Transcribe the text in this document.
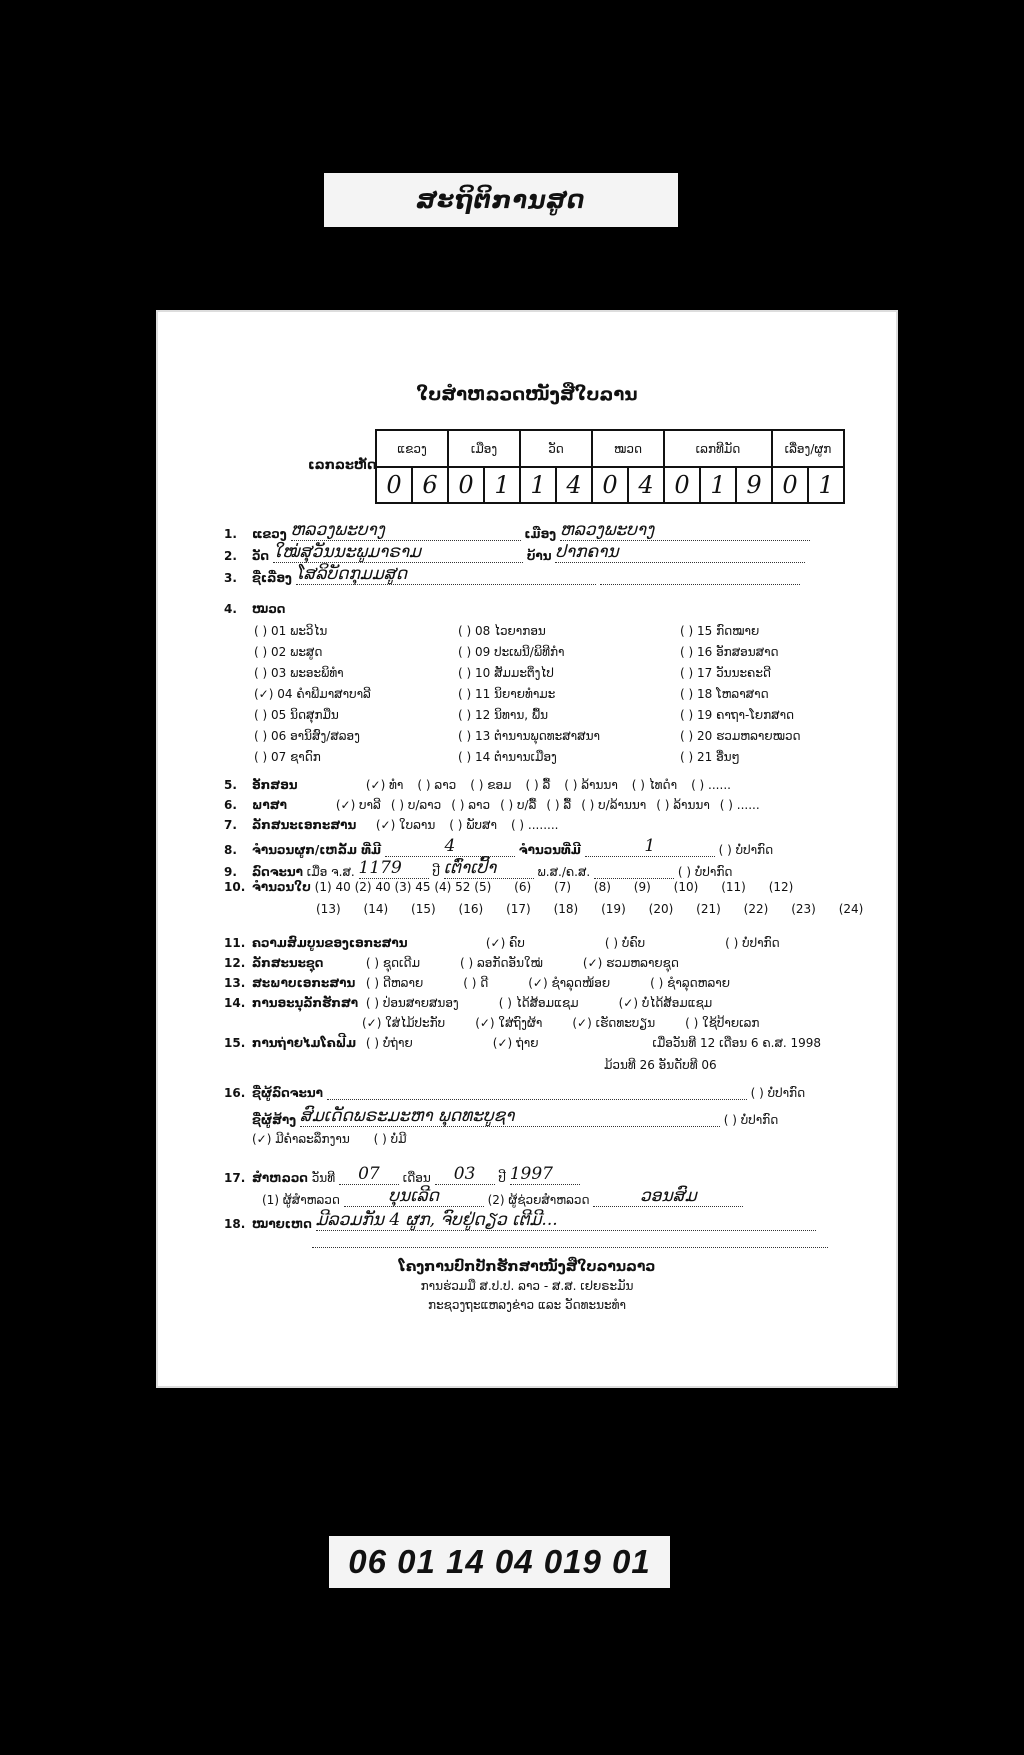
ສະຖິຕິການສູດ
ໃບສຳຫລວດໜັງສືໃບລານ
ເລກລະຫັດ
ແຂວງ		ເມືອງ		ວັດ		ໝວດ		ເລກທີມັດ			ເລື່ອງ/ຜູກ	
0	6	0	1	1	4	0	4	0	1	9	0	1
1. ແຂວງ ຫລວງພະບາງ	ເມືອງ ຫລວງພະບາງ
2. ວັດ ໃໝ່ສຸວັນນະພູມາຣາມ	ບ້ານ ປາກຄານ
3. ຊື່ເລື່ອງ ໂສລິບັດກຸມມສູດ
4. ໝວດ
( ) 01 ພະວິໄນ	( ) 08 ໄວຍາກອນ	( ) 15 ກົດໝາຍ
( ) 02 ພະສູດ	( ) 09 ປະເພນີ/ພິທີກຳ	( ) 16 ອັກສອນສາດ
( ) 03 ພະອະພິທຳ	( ) 10 ສັມມະຕິ່ງໄປ	( ) 17 ວັນນະຄະດີ
(✓) 04 ຄຳພີມາສາບາລີ	( ) 11 ນິຍາຍທຳມະ	( ) 18 ໂຫລາສາດ
( ) 05 ນິດສຸກມືນ	( ) 12 ນິທານ, ພື້ນ	( ) 19 ຄາຖາ-ໂຍກສາດ
( ) 06 ອານິສົງ/ສລອງ	( ) 13 ຕຳນານພຸດທະສາສນາ	( ) 20 ຮວມຫລາຍໝວດ
( ) 07 ຊາດົກ	( ) 14 ຕຳນານເມືອງ	( ) 21 ອື່ນໆ
5. ອັກສອນ	(✓) ທຳ ( ) ລາວ ( ) ຂອມ ( ) ລື້ ( ) ລ້ານນາ ( ) ໄທດຳ ( ) ......
6. ພາສາ	(✓) ບາລີ ( ) ບ/ລາວ ( ) ລາວ ( ) ບ/ລື້ ( ) ລື້ ( ) ບ/ລ້ານນາ ( ) ລ້ານນາ ( ) ......
7. ລັກສນະເອກະສານ (✓) ໃບລານ ( ) ພັບສາ ( ) ........
8. ຈຳນວນຜູກ/ເຫລັ້ມ ທີ່ມີ	4	ຈຳນວນທີ່ມີ	1	( ) ບໍ່ປາກົດ
9. ລົດຈະນາ ເມື່ອ ຈ.ສ. 1179	ປີ ເຕົ່າເປົ້າ	ພ.ສ./ຄ.ສ.	( ) ບໍ່ປາກົດ
10. ຈຳນວນໃບ (1) 40 (2) 40 (3) 45 (4) 52 (5)      (6)      (7)      (8)      (9)      (10)      (11)      (12)
(13)      (14)      (15)      (16)      (17)      (18)      (19)      (20)      (21)      (22)      (23)      (24)
11. ຄວາມສົມບູນຂອງເອກະສານ	(✓) ຄົບ	( ) ບໍ່ຄົບ	( ) ບໍ່ປາກົດ
12. ລັກສະນະຊຸດ	( ) ຊຸດເດີມ	( ) ລອກັດອັນໃໝ່	(✓) ຮວມຫລາຍຊຸດ
13. ສະພາບເອກະສານ ( ) ດີຫລາຍ	( ) ດີ	(✓) ຊຳລຸດໜ້ອຍ	( ) ຊຳລຸດຫລາຍ
14. ການອະນຸລັກຮັກສາ ( ) ປ່ອນສາຍສນອງ	( ) ໄດ້ສ້ອມແຊມ	(✓) ບໍ່ໄດ້ສ້ອມແຊມ
(✓) ໃສ່ໄມ້ປະກັບ	(✓) ໃສ່ຖົງຜ້າ	(✓) ເຮັດທະບຽນ	( ) ໃຊ້ປ້າຍເລກ
15. ການຖ່າຍໄມໂຄຟີມ ( ) ບໍ່ຖ່າຍ	(✓) ຖ່າຍ	ເມື່ອວັນທີ 12 ເດືອນ 6 ຄ.ສ. 1998
ມ້ວນທີ 26 ອັນດັບທີ 06
16. ຊື່ຜູ້ລົດຈະນາ	( ) ບໍ່ປາກົດ
ຊື່ຜູ້ສ້າງ ສົມເດັດພຣະມະຫາ ພຸດທະບູຊາ	( ) ບໍ່ປາກົດ
(✓) ມີຄຳລະລຶກງານ ( ) ບໍ່ມີ
17. ສຳຫລວດ ວັນທີ 07 ເດືອນ 03 ປີ 1997
(1) ຜູ້ສຳຫລວດ	ບຸນເລີດ	(2) ຜູ້ຊ່ວຍສຳຫລວດ	ວອນສົມ
18. ໝາຍເຫດ ມີລວມກັນ 4 ຜູກ, ຈົບຢູ່ດຽວ ເຕີມີ...
ໂຄງການປົກປັກຮັກສາໜັງສືໃບລານລາວ
ການຮ່ວມມື ສ.ປ.ປ. ລາວ - ສ.ສ. ເຢຍຣະມັນ
ກະຊວງຖະແຫລງຂ່າວ ແລະ ວັດທະນະທຳ
06 01 14 04 019 01
